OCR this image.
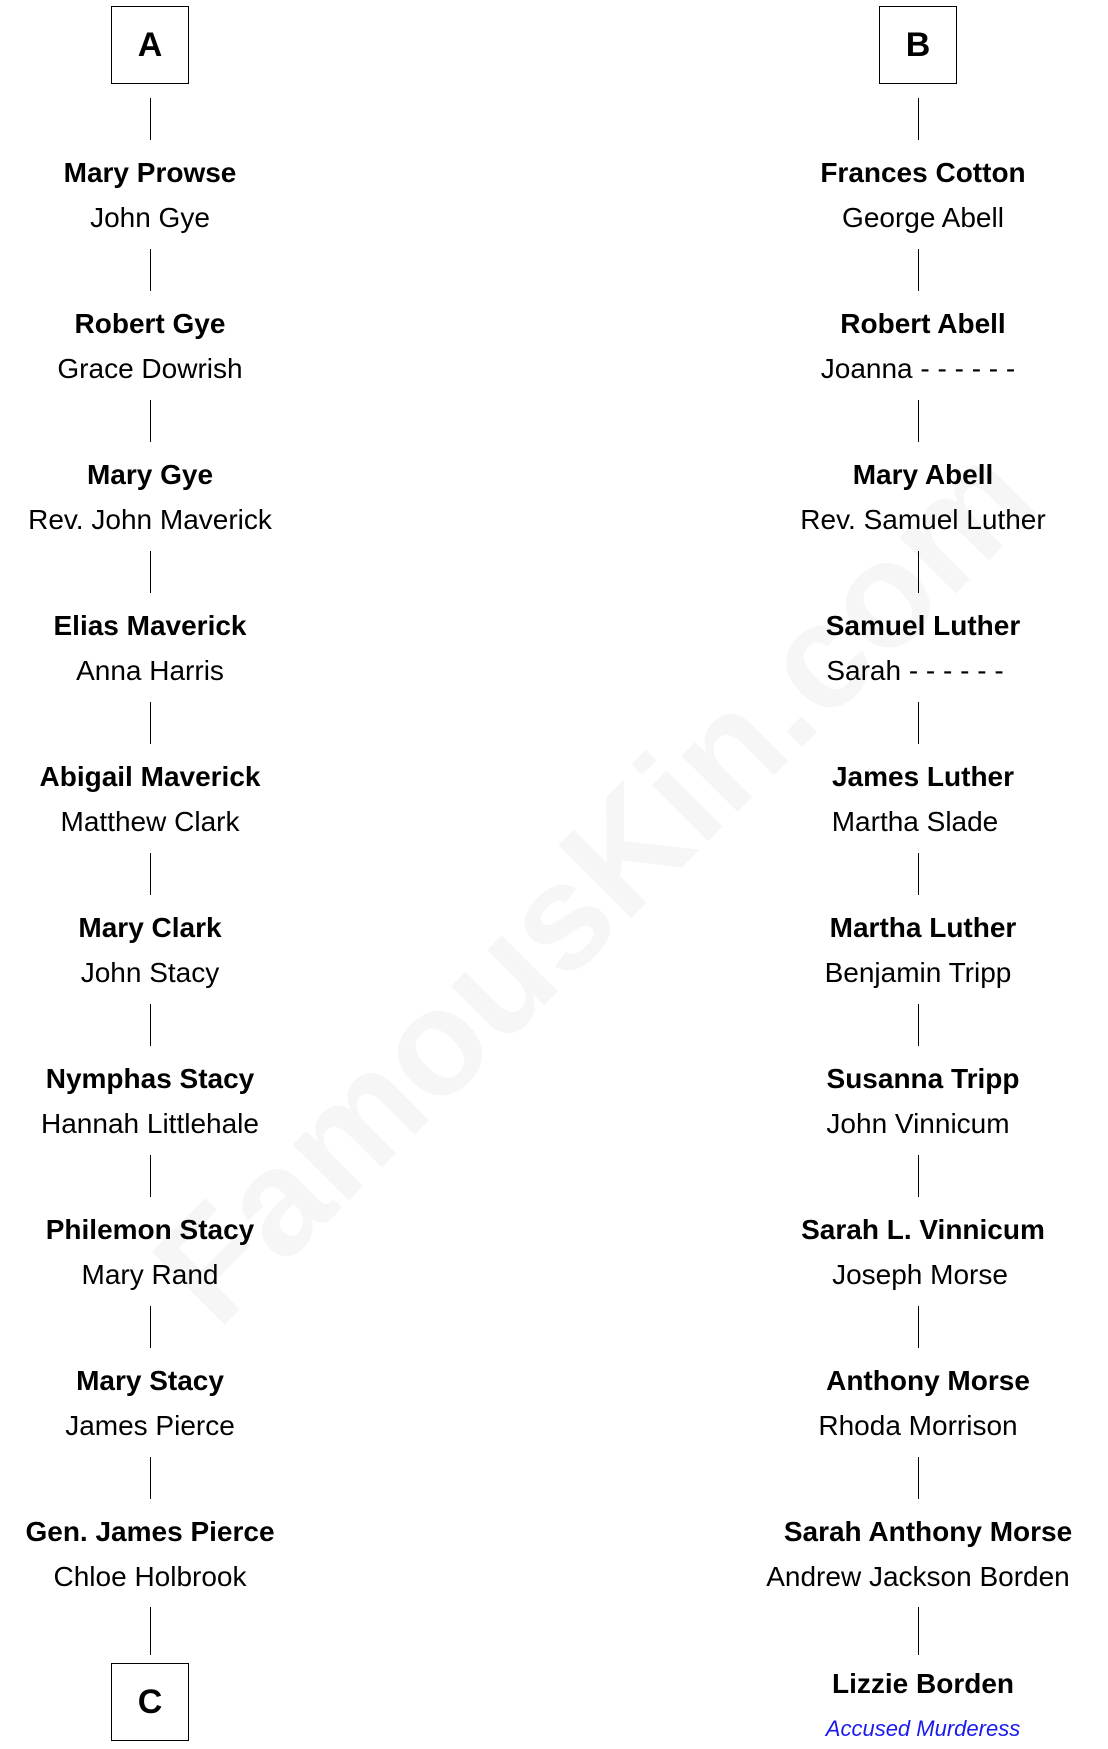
A
Mary Prowse
John Gye
Robert Gye
Grace Dowrish
Mary Gye
Rev. John Maverick
Elias Maverick
Anna Harris
Abigail Maverick
Matthew Clark
Mary Clark
John Stacy
Nymphas Stacy
Hannah Littlehale
Philemon Stacy
Mary Rand
Mary Stacy
James Pierce
Gen. James Pierce
Chloe Holbrook
C
B
Frances Cotton
George Abell
Robert Abell
Joanna - - - - - -
Mary Abell
Rev. Samuel Luther
Samuel Luther
Sarah - - - - - -
James Luther
Martha Slade
Martha Luther
Benjamin Tripp
Susanna Tripp
John Vinnicum
Sarah L. Vinnicum
Joseph Morse
Anthony Morse
Rhoda Morrison
Sarah Anthony Morse
Andrew Jackson Borden
Lizzie Borden
Accused Murderess
